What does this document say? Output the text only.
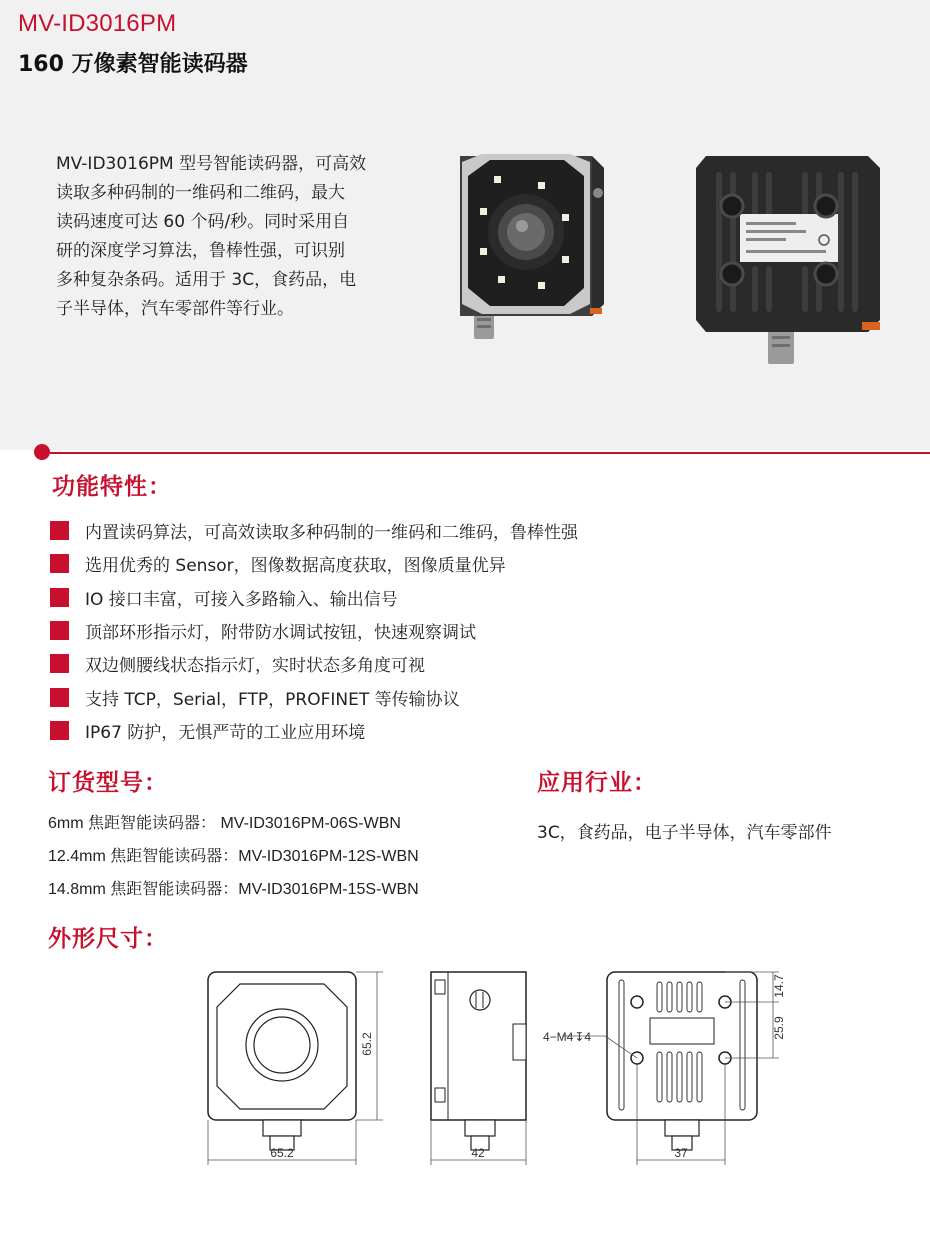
MV-ID3016PM
160 万像素智能读码器
MV-ID3016PM 型号智能读码器，可高效
读取多种码制的一维码和二维码，最大
读码速度可达 60 个码/秒。同时采用自
研的深度学习算法，鲁棒性强，可识别
多种复杂条码。适用于 3C，食药品，电
子半导体，汽车零部件等行业。
功能特性：
内置读码算法，可高效读取多种码制的一维码和二维码，鲁棒性强
选用优秀的 Sensor，图像数据高度获取，图像质量优异
IO 接口丰富，可接入多路输入、输出信号
顶部环形指示灯，附带防水调试按钮，快速观察调试
双边侧腰线状态指示灯，实时状态多角度可视
支持 TCP，Serial，FTP，PROFINET 等传输协议
IP67 防护，无惧严苛的工业应用环境
订货型号：
6mm 焦距智能读码器： MV-ID3016PM-06S-WBN
12.4mm 焦距智能读码器：MV-ID3016PM-12S-WBN
14.8mm 焦距智能读码器：MV-ID3016PM-15S-WBN
应用行业：
3C，食药品，电子半导体，汽车零部件
外形尺寸：
65.2
65.2	42
14.7
25.9
4−M4↧4
37
